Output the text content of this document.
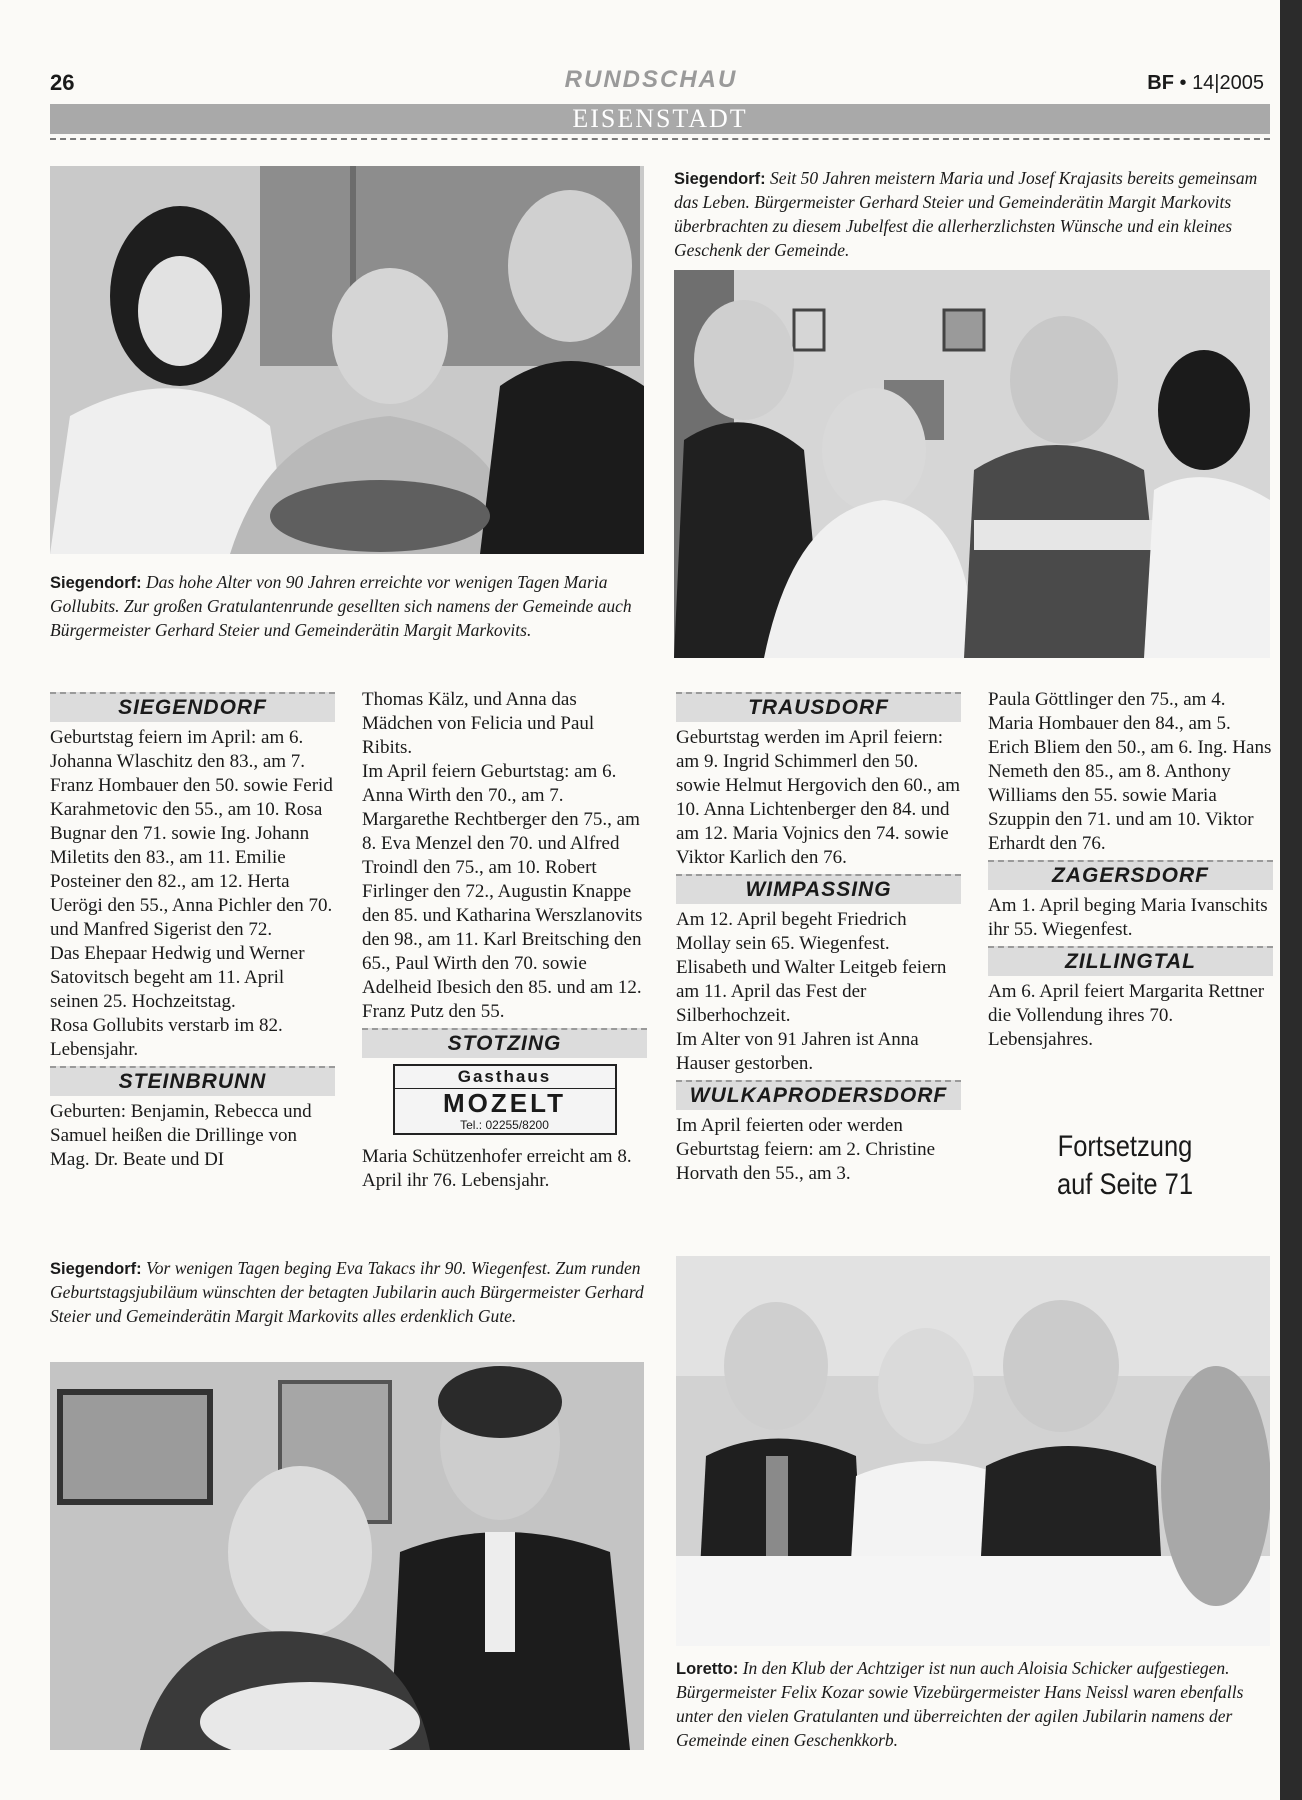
26	RUNDSCHAU	BF • 14|2005
EISENSTADT
Siegendorf: Seit 50 Jahren meistern Maria und Josef Krajasits bereits gemeinsam das Leben. Bürgermeister Gerhard Steier und Gemeinderätin Margit Markovits überbrachten zu diesem Jubelfest die allerherzlichsten Wünsche und ein kleines Geschenk der Gemeinde.
Siegendorf: Das hohe Alter von 90 Jahren erreichte vor wenigen Tagen Maria Gollubits. Zur großen Gratulantenrunde gesellten sich namens der Gemeinde auch Bürgermeister Gerhard Steier und Gemeinderätin Margit Markovits.
SIEGENDORF

Geburtstag feiern im April: am 6. Johanna Wlaschitz den 83., am 7. Franz Hombauer den 50. sowie Ferid Karahmetovic den 55., am 10. Rosa Bugnar den 71. sowie Ing. Johann Miletits den 83., am 11. Emilie Posteiner den 82., am 12. Herta Uerögi den 55., Anna Pichler den 70. und Manfred Sigerist den 72.

Das Ehepaar Hedwig und Werner Satovitsch begeht am 11. April seinen 25. Hochzeitstag.

Rosa Gollubits verstarb im 82. Lebensjahr.

STEINBRUNN

Geburten: Benjamin, Rebecca und Samuel heißen die Drillinge von Mag. Dr. Beate und DI

Thomas Kälz, und Anna das Mädchen von Felicia und Paul Ribits.

Im April feiern Geburtstag: am 6. Anna Wirth den 70., am 7. Margarethe Rechtberger den 75., am 8. Eva Menzel den 70. und Alfred Troindl den 75., am 10. Robert Firlinger den 72., Augustin Knappe den 85. und Katharina Werszlanovits den 98., am 11. Karl Breitsching den 65., Paul Wirth den 70. sowie Adelheid Ibesich den 85. und am 12. Franz Putz den 55.

STOTZING
Gasthaus
MOZELT
Tel.: 02255/8200

Maria Schützenhofer erreicht am 8. April ihr 76. Lebensjahr.

TRAUSDORF

Geburtstag werden im April feiern: am 9. Ingrid Schimmerl den 50. sowie Helmut Hergovich den 60., am 10. Anna Lichtenberger den 84. und am 12. Maria Vojnics den 74. sowie Viktor Karlich den 76.

WIMPASSING

Am 12. April begeht Friedrich Mollay sein 65. Wiegenfest.

Elisabeth und Walter Leitgeb feiern am 11. April das Fest der Silberhochzeit.

Im Alter von 91 Jahren ist Anna Hauser gestorben.

WULKAPRODERSDORF

Im April feierten oder werden Geburtstag feiern: am 2. Christine Horvath den 55., am 3.

Paula Göttlinger den 75., am 4. Maria Hombauer den 84., am 5. Erich Bliem den 50., am 6. Ing. Hans Nemeth den 85., am 8. Anthony Williams den 55. sowie Maria Szuppin den 71. und am 10. Viktor Erhardt den 76.

ZAGERSDORF

Am 1. April beging Maria Ivanschits ihr 55. Wiegenfest.

ZILLINGTAL

Am 6. April feiert Margarita Rettner die Vollendung ihres 70. Lebensjahres.

Fortsetzung
auf Seite 71
Siegendorf: Vor wenigen Tagen beging Eva Takacs ihr 90. Wiegenfest. Zum runden Geburtstagsjubiläum wünschten der betagten Jubilarin auch Bürgermeister Gerhard Steier und Gemeinderätin Margit Markovits alles erdenklich Gute.
Loretto: In den Klub der Achtziger ist nun auch Aloisia Schicker aufgestiegen. Bürgermeister Felix Kozar sowie Vizebürgermeister Hans Neissl waren ebenfalls unter den vielen Gratulanten und überreichten der agilen Jubilarin namens der Gemeinde einen Geschenkkorb.
